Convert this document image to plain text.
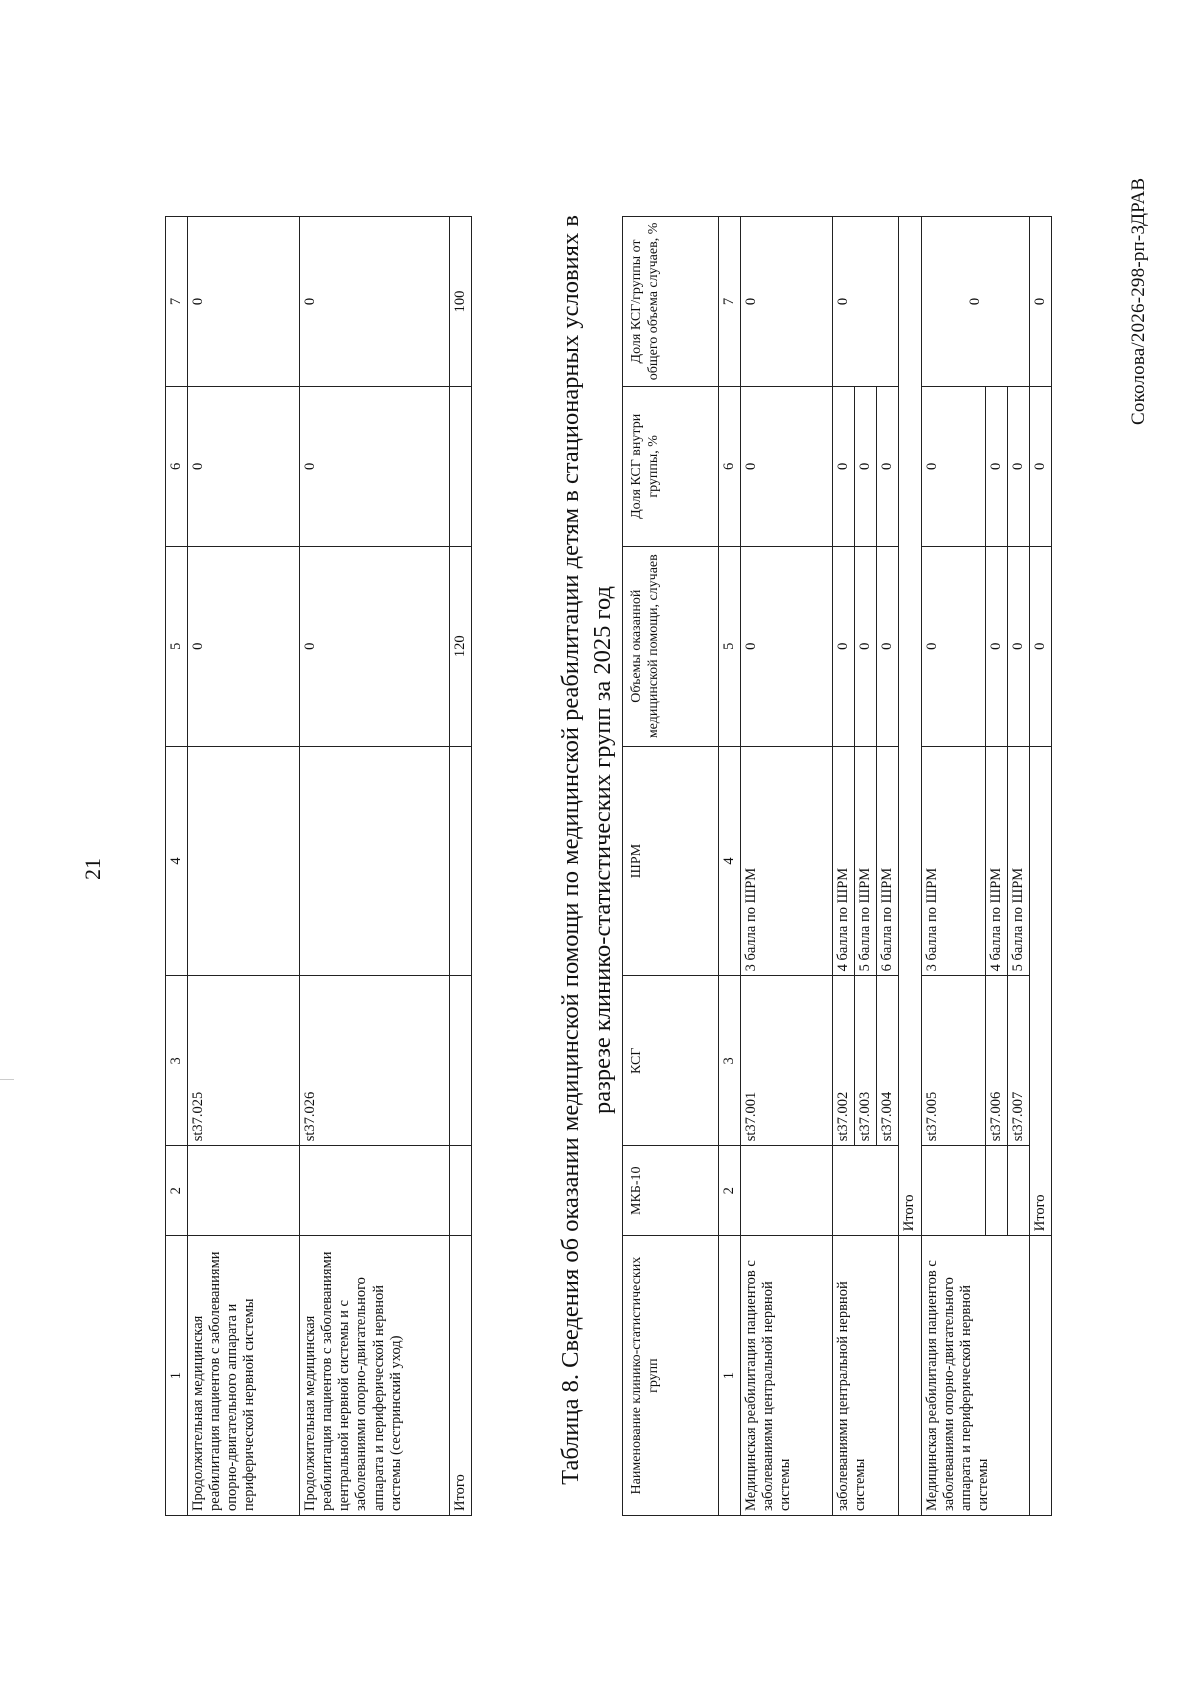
21
1	2	3	4	5	6	7
Продолжительная медицинская реабилитация пациентов с заболеваниями опорно-двигательного аппарата и периферической нервной системы		st37.025		0	0	0
Продолжительная медицинская реабилитация пациентов с заболеваниями центральной нервной системы и с заболеваниями опорно-двигательного аппарата и периферической нервной системы (сестринский уход)		st37.026		0	0	0
Итого				120		100	Таблица 8. Сведения об оказании медицинской помощи по медицинской реабилитации детям в стационарных условиях в разрезе клинико-статистических групп за 2025 год
Наименование клинико-статистических групп	МКБ-10	КСГ	ШРМ	Объемы оказанной медицинской помощи, случаев	Доля КСГ внутри группы, %	Доля КСГ/группы от общего объема случаев, %
1	2	3	4	5	6	7
Медицинская реабилитация пациентов с заболеваниями центральной нервной системы		st37.001	3 балла по ШРМ	0	0	0
заболеваниями центральной нервной системы		st37.002	4 балла по ШРМ	0	0	0
		st37.003	5 балла по ШРМ	0	0	
		st37.004	6 балла по ШРМ	0	0	
	Итого					
Медицинская реабилитация пациентов с заболеваниями опорно-двигательного аппарата и периферической нервной системы		st37.005	3 балла по ШРМ	0	0	0
		st37.006	4 балла по ШРМ	0	0	
		st37.007	5 балла по ШРМ	0	0	
	Итого			0	0	0	Соколова/2026-298-рп-ЗДРАВ
